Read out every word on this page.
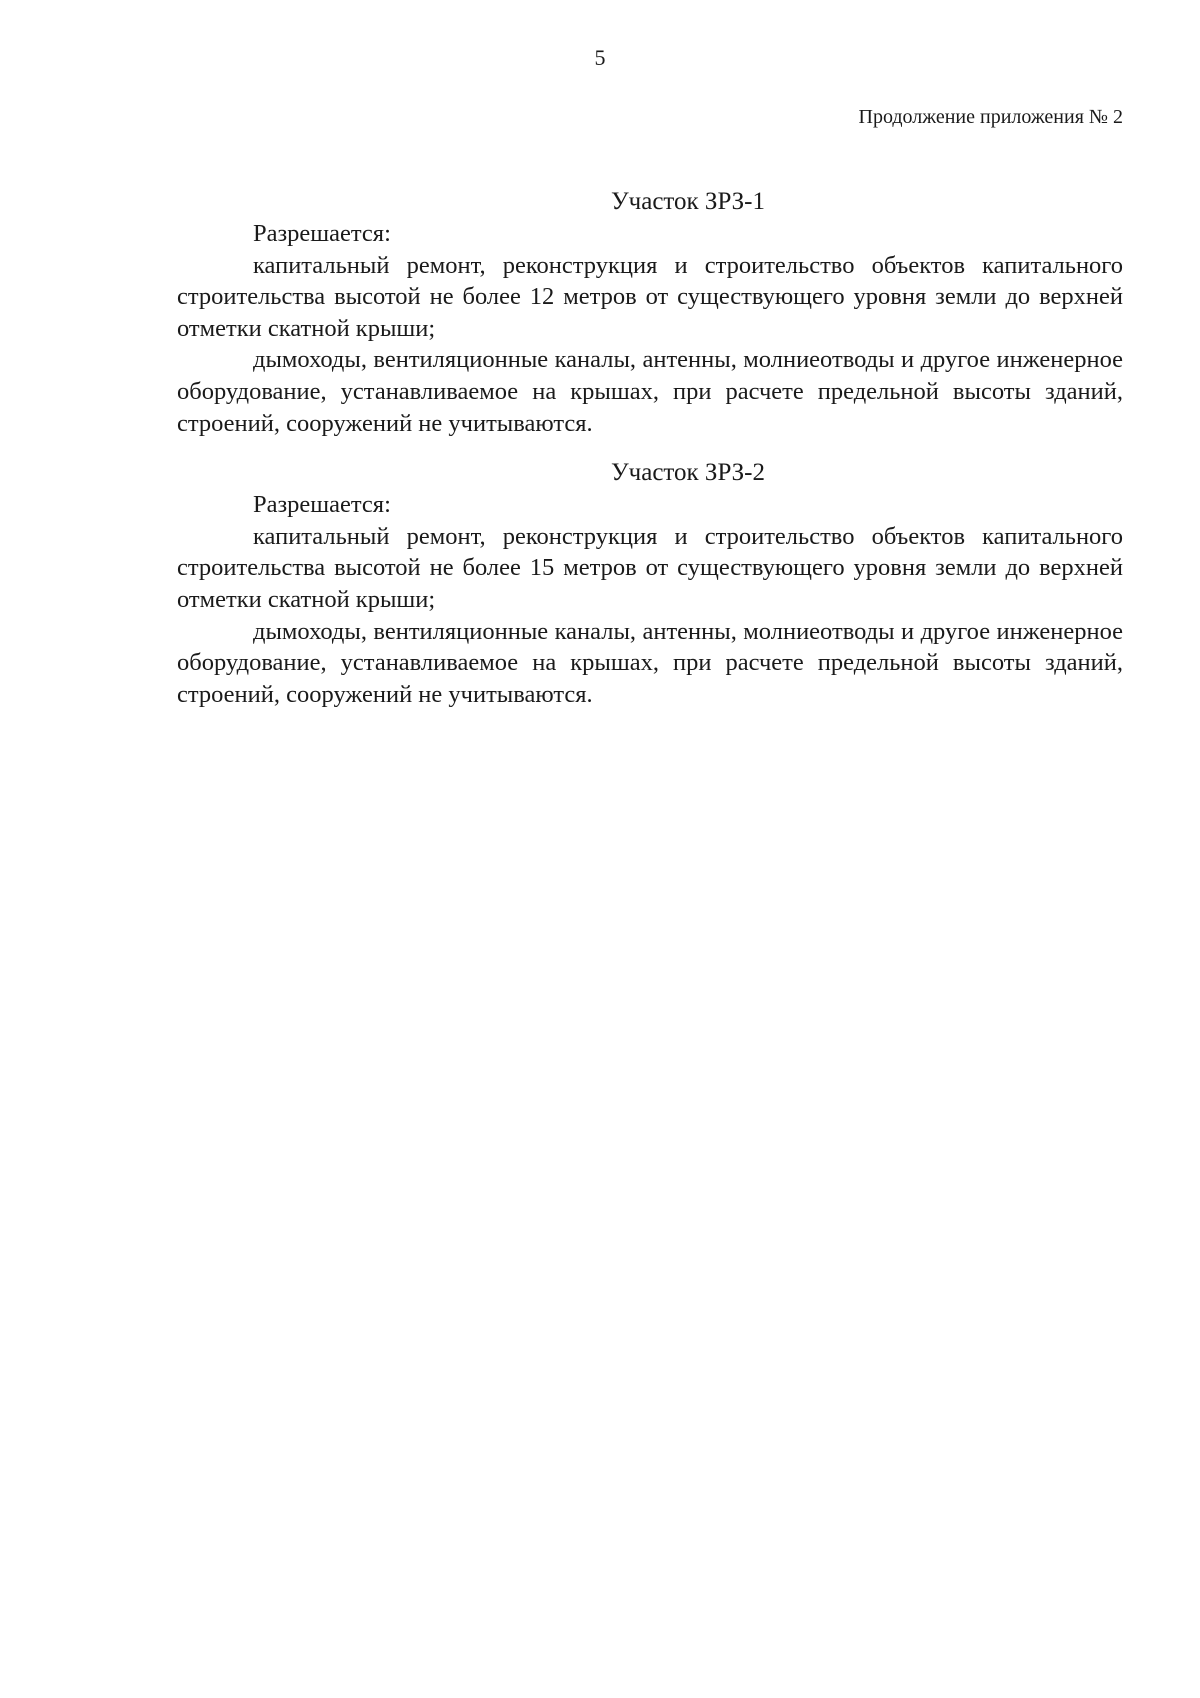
5
Продолжение приложения № 2
Участок ЗРЗ-1

Разрешается:

капитальный ремонт, реконструкция и строительство объектов капитального строительства высотой не более 12 метров от существующего уровня земли до верхней отметки скатной крыши;

дымоходы, вентиляционные каналы, антенны, молниеотводы и другое инженерное оборудование, устанавливаемое на крышах, при расчете предельной высоты зданий, строений, сооружений не учитываются.

Участок ЗРЗ-2

Разрешается:

капитальный ремонт, реконструкция и строительство объектов капитального строительства высотой не более 15 метров от существующего уровня земли до верхней отметки скатной крыши;

дымоходы, вентиляционные каналы, антенны, молниеотводы и другое инженерное оборудование, устанавливаемое на крышах, при расчете предельной высоты зданий, строений, сооружений не учитываются.
